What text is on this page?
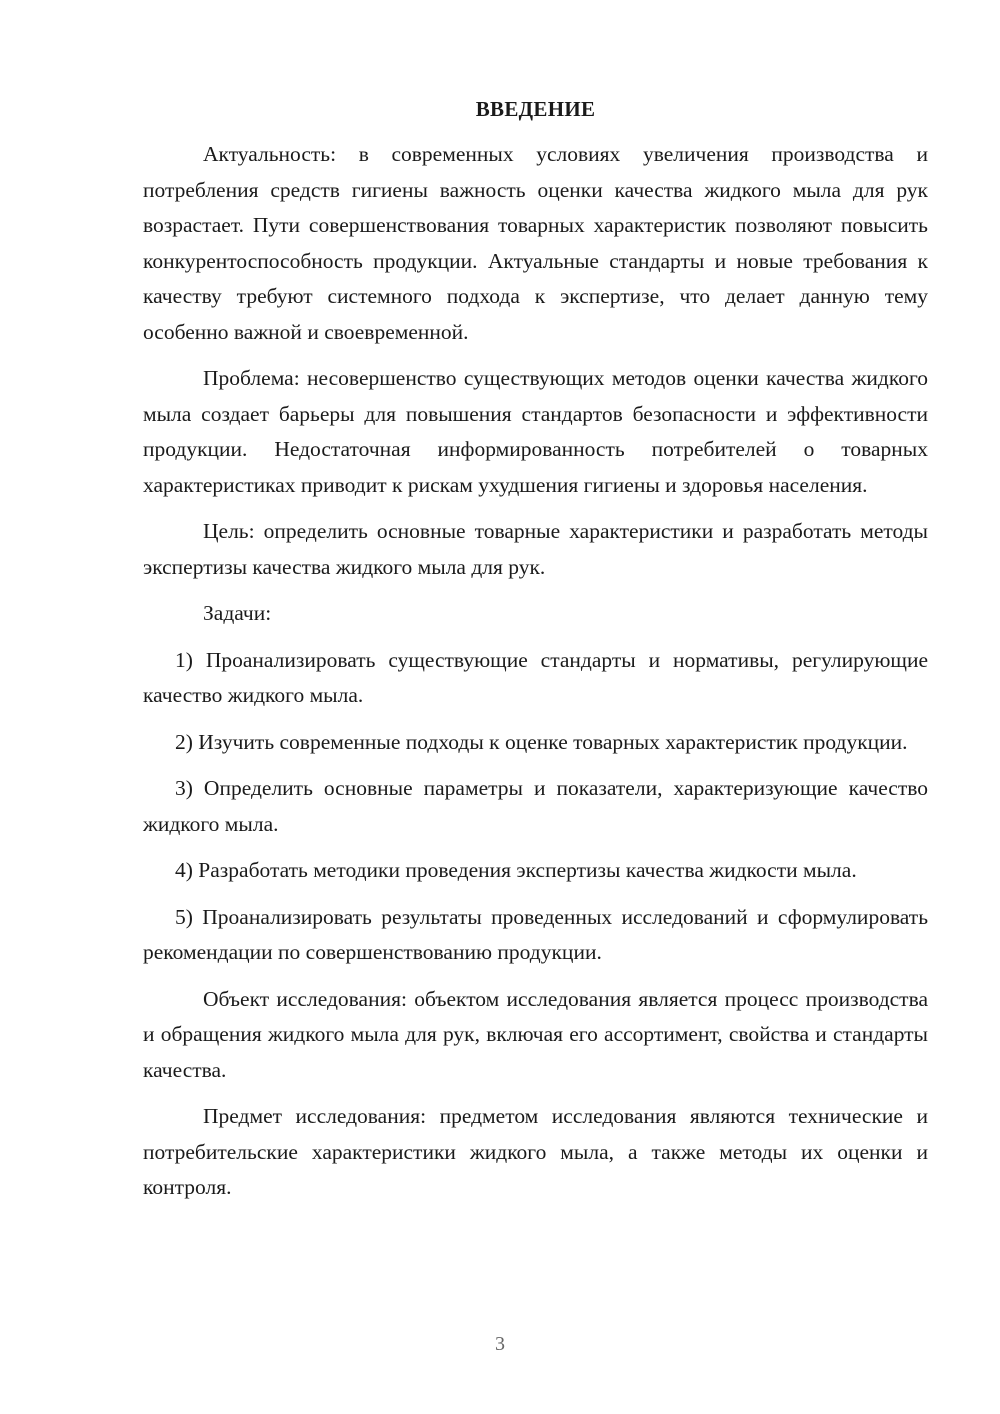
ВВЕДЕНИЕ

Актуальность: в современных условиях увеличения производства и потребления средств гигиены важность оценки качества жидкого мыла для рук возрастает. Пути совершенствования товарных характеристик позволяют повысить конкурентоспособность продукции. Актуальные стандарты и новые требования к качеству требуют системного подхода к экспертизе, что делает данную тему особенно важной и своевременной.

Проблема: несовершенство существующих методов оценки качества жидкого мыла создает барьеры для повышения стандартов безопасности и эффективности продукции. Недостаточная информированность потребителей о товарных характеристиках приводит к рискам ухудшения гигиены и здоровья населения.

Цель: определить основные товарные характеристики и разработать методы экспертизы качества жидкого мыла для рук.

Задачи:

1) Проанализировать существующие стандарты и нормативы, регулирующие качество жидкого мыла.

2) Изучить современные подходы к оценке товарных характеристик продукции.

3) Определить основные параметры и показатели, характеризующие качество жидкого мыла.

4) Разработать методики проведения экспертизы качества жидкости мыла.

5) Проанализировать результаты проведенных исследований и сформулировать рекомендации по совершенствованию продукции.

Объект исследования: объектом исследования является процесс производства и обращения жидкого мыла для рук, включая его ассортимент, свойства и стандарты качества.

Предмет исследования: предметом исследования являются технические и потребительские характеристики жидкого мыла, а также методы их оценки и контроля.

3
